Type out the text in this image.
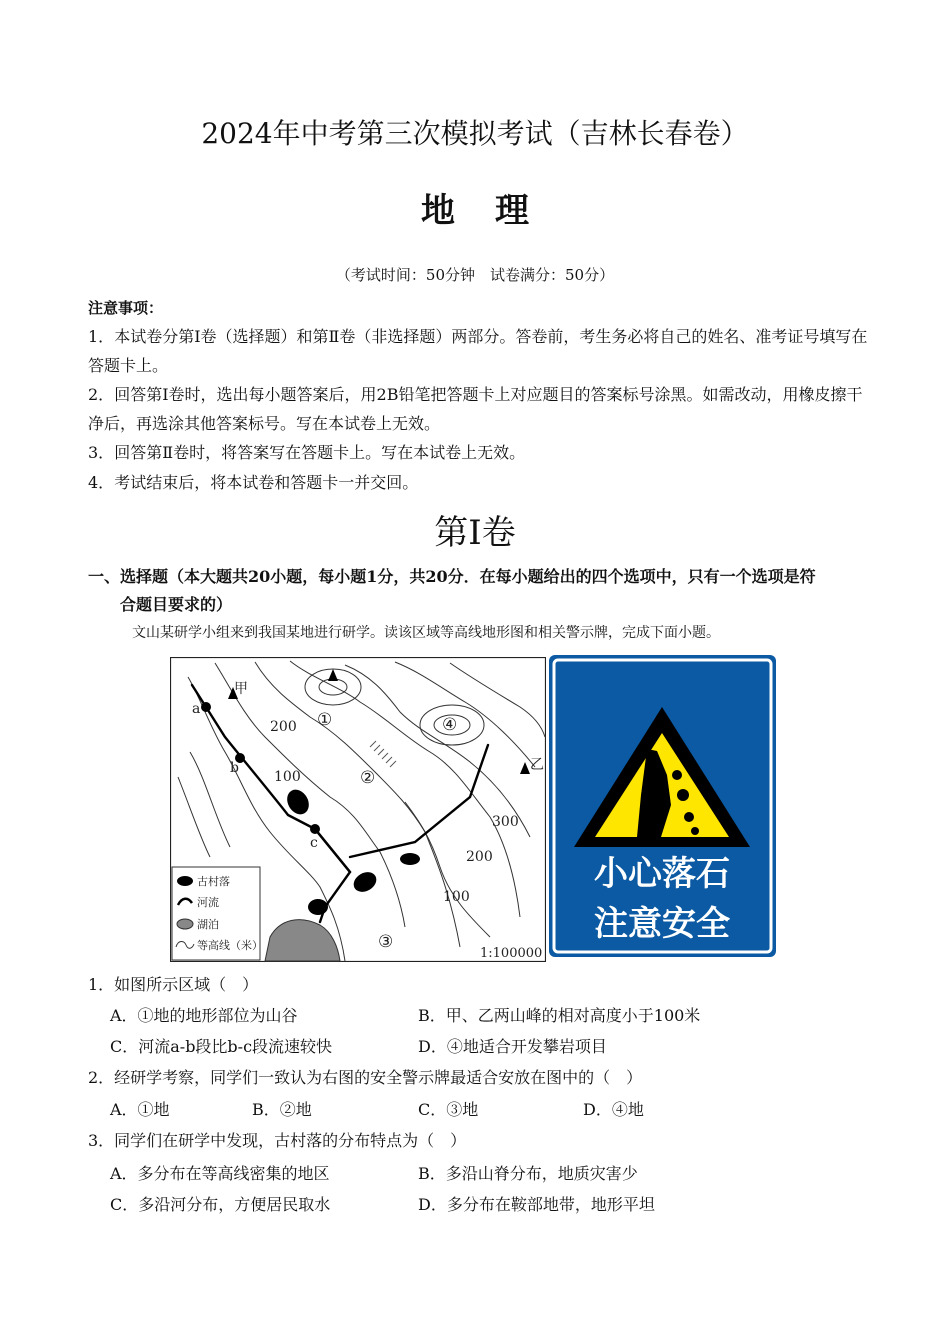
2024年中考第三次模拟考试（吉林长春卷）
地理
（考试时间：50分钟　试卷满分：50分）
注意事项：
1．本试卷分第Ⅰ卷（选择题）和第Ⅱ卷（非选择题）两部分。答卷前，考生务必将自己的姓名、准考证号填写在答题卡上。
2．回答第Ⅰ卷时，选出每小题答案后，用2B铅笔把答题卡上对应题目的答案标号涂黑。如需改动，用橡皮擦干净后，再选涂其他答案标号。写在本试卷上无效。
3．回答第Ⅱ卷时，将答案写在答题卡上。写在本试卷上无效。
4．考试结束后，将本试卷和答题卡一并交回。
第Ⅰ卷
一、选择题（本大题共20小题，每小题1分，共20分．在每小题给出的四个选项中，只有一个选项是符
合题目要求的）
文山某研学小组来到我国某地进行研学。读该区域等高线地形图和相关警示牌，完成下面小题。
甲
乙
a
b
c
①
②
③
④
200
100
300
200
100
1:100000
古村落
河流
湖泊
等高线（米）
小心落石
注意安全
1．如图所示区域（　）
A．①地的地形部位为山谷	B．甲、乙两山峰的相对高度小于100米
C．河流a-b段比b-c段流速较快	D．④地适合开发攀岩项目
2．经研学考察，同学们一致认为右图的安全警示牌最适合安放在图中的（　）
A．①地	B．②地	C．③地	D．④地
3．同学们在研学中发现，古村落的分布特点为（　）
A．多分布在等高线密集的地区	B．多沿山脊分布，地质灾害少
C．多沿河分布，方便居民取水	D．多分布在鞍部地带，地形平坦
